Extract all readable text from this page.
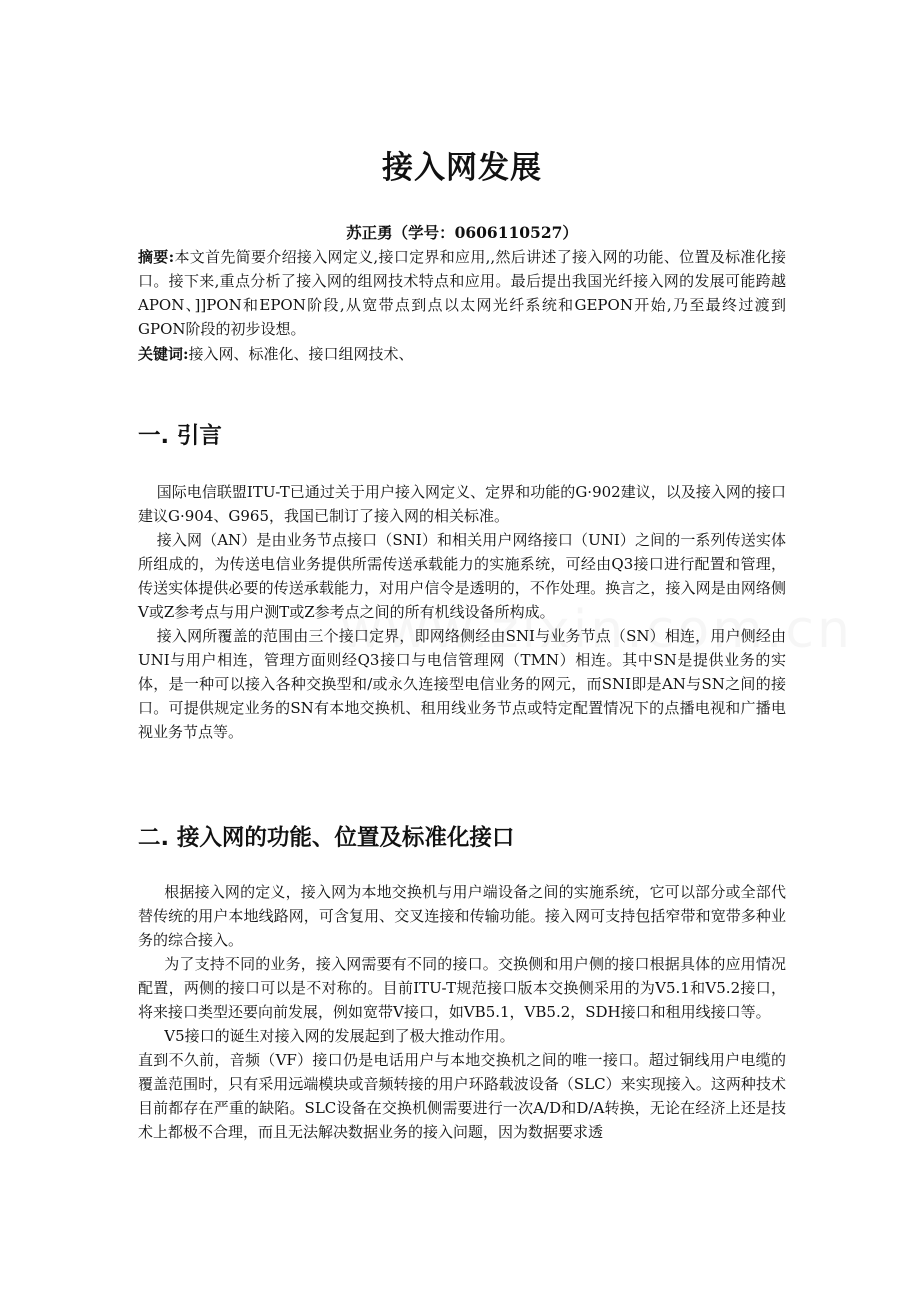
接入网发展
苏正勇（学号：0606110527）
摘要:本文首先简要介绍接入网定义,接口定界和应用,,然后讲述了接入网的功能、位置及标准化接口。接下来,重点分析了接入网的组网技术特点和应用。最后提出我国光纤接入网的发展可能跨越APON、]]PON和EPON阶段,从宽带点到点以太网光纤系统和GEPON开始,乃至最终过渡到GPON阶段的初步设想。
关键词:接入网、标准化、接口组网技术、
一. 引言

国际电信联盟ITU-T已通过关于用户接入网定义、定界和功能的G·902建议，以及接入网的接口建议G·904、G965，我国已制订了接入网的相关标准。

接入网（AN）是由业务节点接口（SNI）和相关用户网络接口（UNI）之间的一系列传送实体所组成的，为传送电信业务提供所需传送承载能力的实施系统，可经由Q3接口进行配置和管理，传送实体提供必要的传送承载能力，对用户信令是透明的，不作处理。换言之，接入网是由网络侧V或Z参考点与用户测T或Z参考点之间的所有机线设备所构成。

接入网所覆盖的范围由三个接口定界，即网络侧经由SNI与业务节点（SN）相连，用户侧经由UNI与用户相连，管理方面则经Q3接口与电信管理网（TMN）相连。其中SN是提供业务的实体，是一种可以接入各种交换型和/或永久连接型电信业务的网元，而SNI即是AN与SN之间的接口。可提供规定业务的SN有本地交换机、租用线业务节点或特定配置情况下的点播电视和广播电视业务节点等。

二. 接入网的功能、位置及标准化接口

根据接入网的定义，接入网为本地交换机与用户端设备之间的实施系统，它可以部分或全部代替传统的用户本地线路网，可含复用、交叉连接和传输功能。接入网可支持包括窄带和宽带多种业务的综合接入。

为了支持不同的业务，接入网需要有不同的接口。交换侧和用户侧的接口根据具体的应用情况配置，两侧的接口可以是不对称的。目前ITU-T规范接口版本交换侧采用的为V5.1和V5.2接口，将来接口类型还要向前发展，例如宽带V接口，如VB5.1，VB5.2，SDH接口和租用线接口等。

V5接口的诞生对接入网的发展起到了极大推动作用。

直到不久前，音频（VF）接口仍是电话用户与本地交换机之间的唯一接口。超过铜线用户电缆的覆盖范围时，只有采用远端模块或音频转接的用户环路载波设备（SLC）来实现接入。这两种技术目前都存在严重的缺陷。SLC设备在交换机侧需要进行一次A/D和D/A转换，无论在经济上还是技术上都极不合理，而且无法解决数据业务的接入问题，因为数据要求透
